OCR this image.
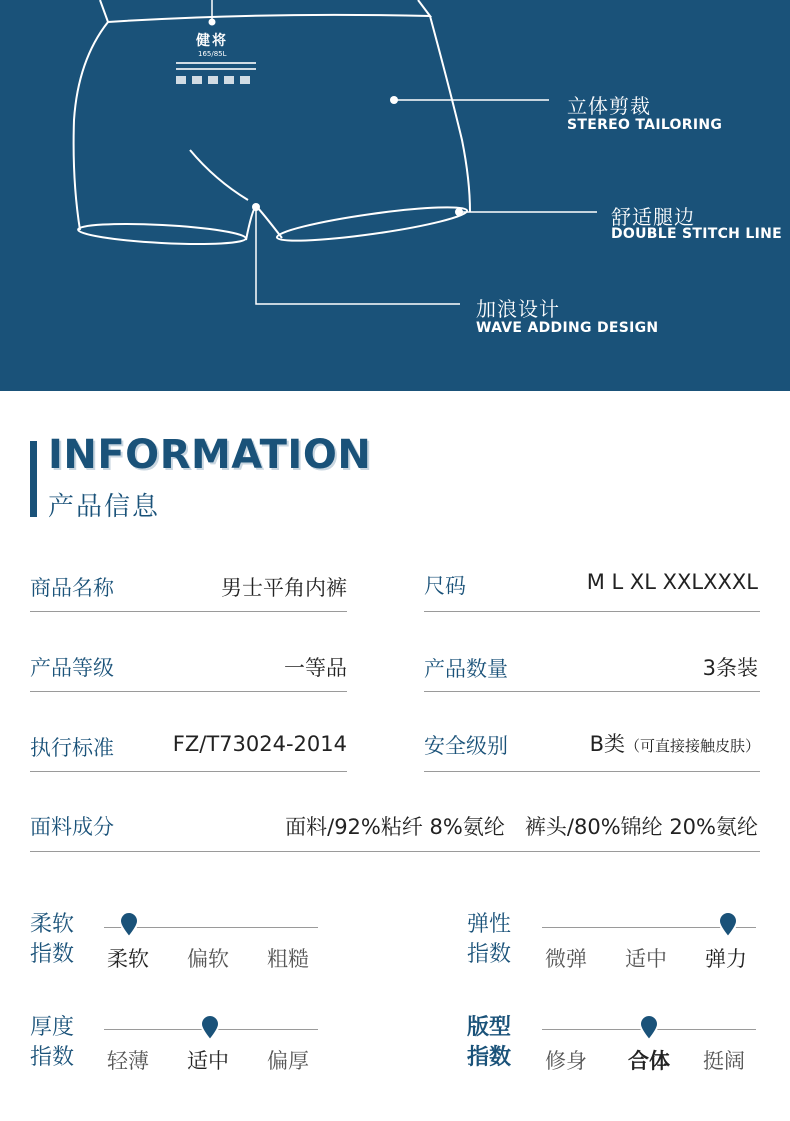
健将
165/85L
立体剪裁
STEREO TAILORING
舒适腿边
DOUBLE STITCH LINE
加浪设计
WAVE ADDING DESIGN
INFORMATION
产品信息
商品名称	男士平角内裤	尺码	M L XL XXLXXXL
产品等级	一等品	产品数量	3条装
执行标准	FZ/T73024-2014	安全级别	B类（可直接接触皮肤）
面料成分	面料/92%粘纤 8%氨纶   裤头/80%锦纶 20%氨纶
柔软
指数 柔软 偏软 粗糙
弹性
指数 微弹 适中 弹力
厚度
指数 轻薄 适中 偏厚
版型
指数 修身 合体 挺阔
